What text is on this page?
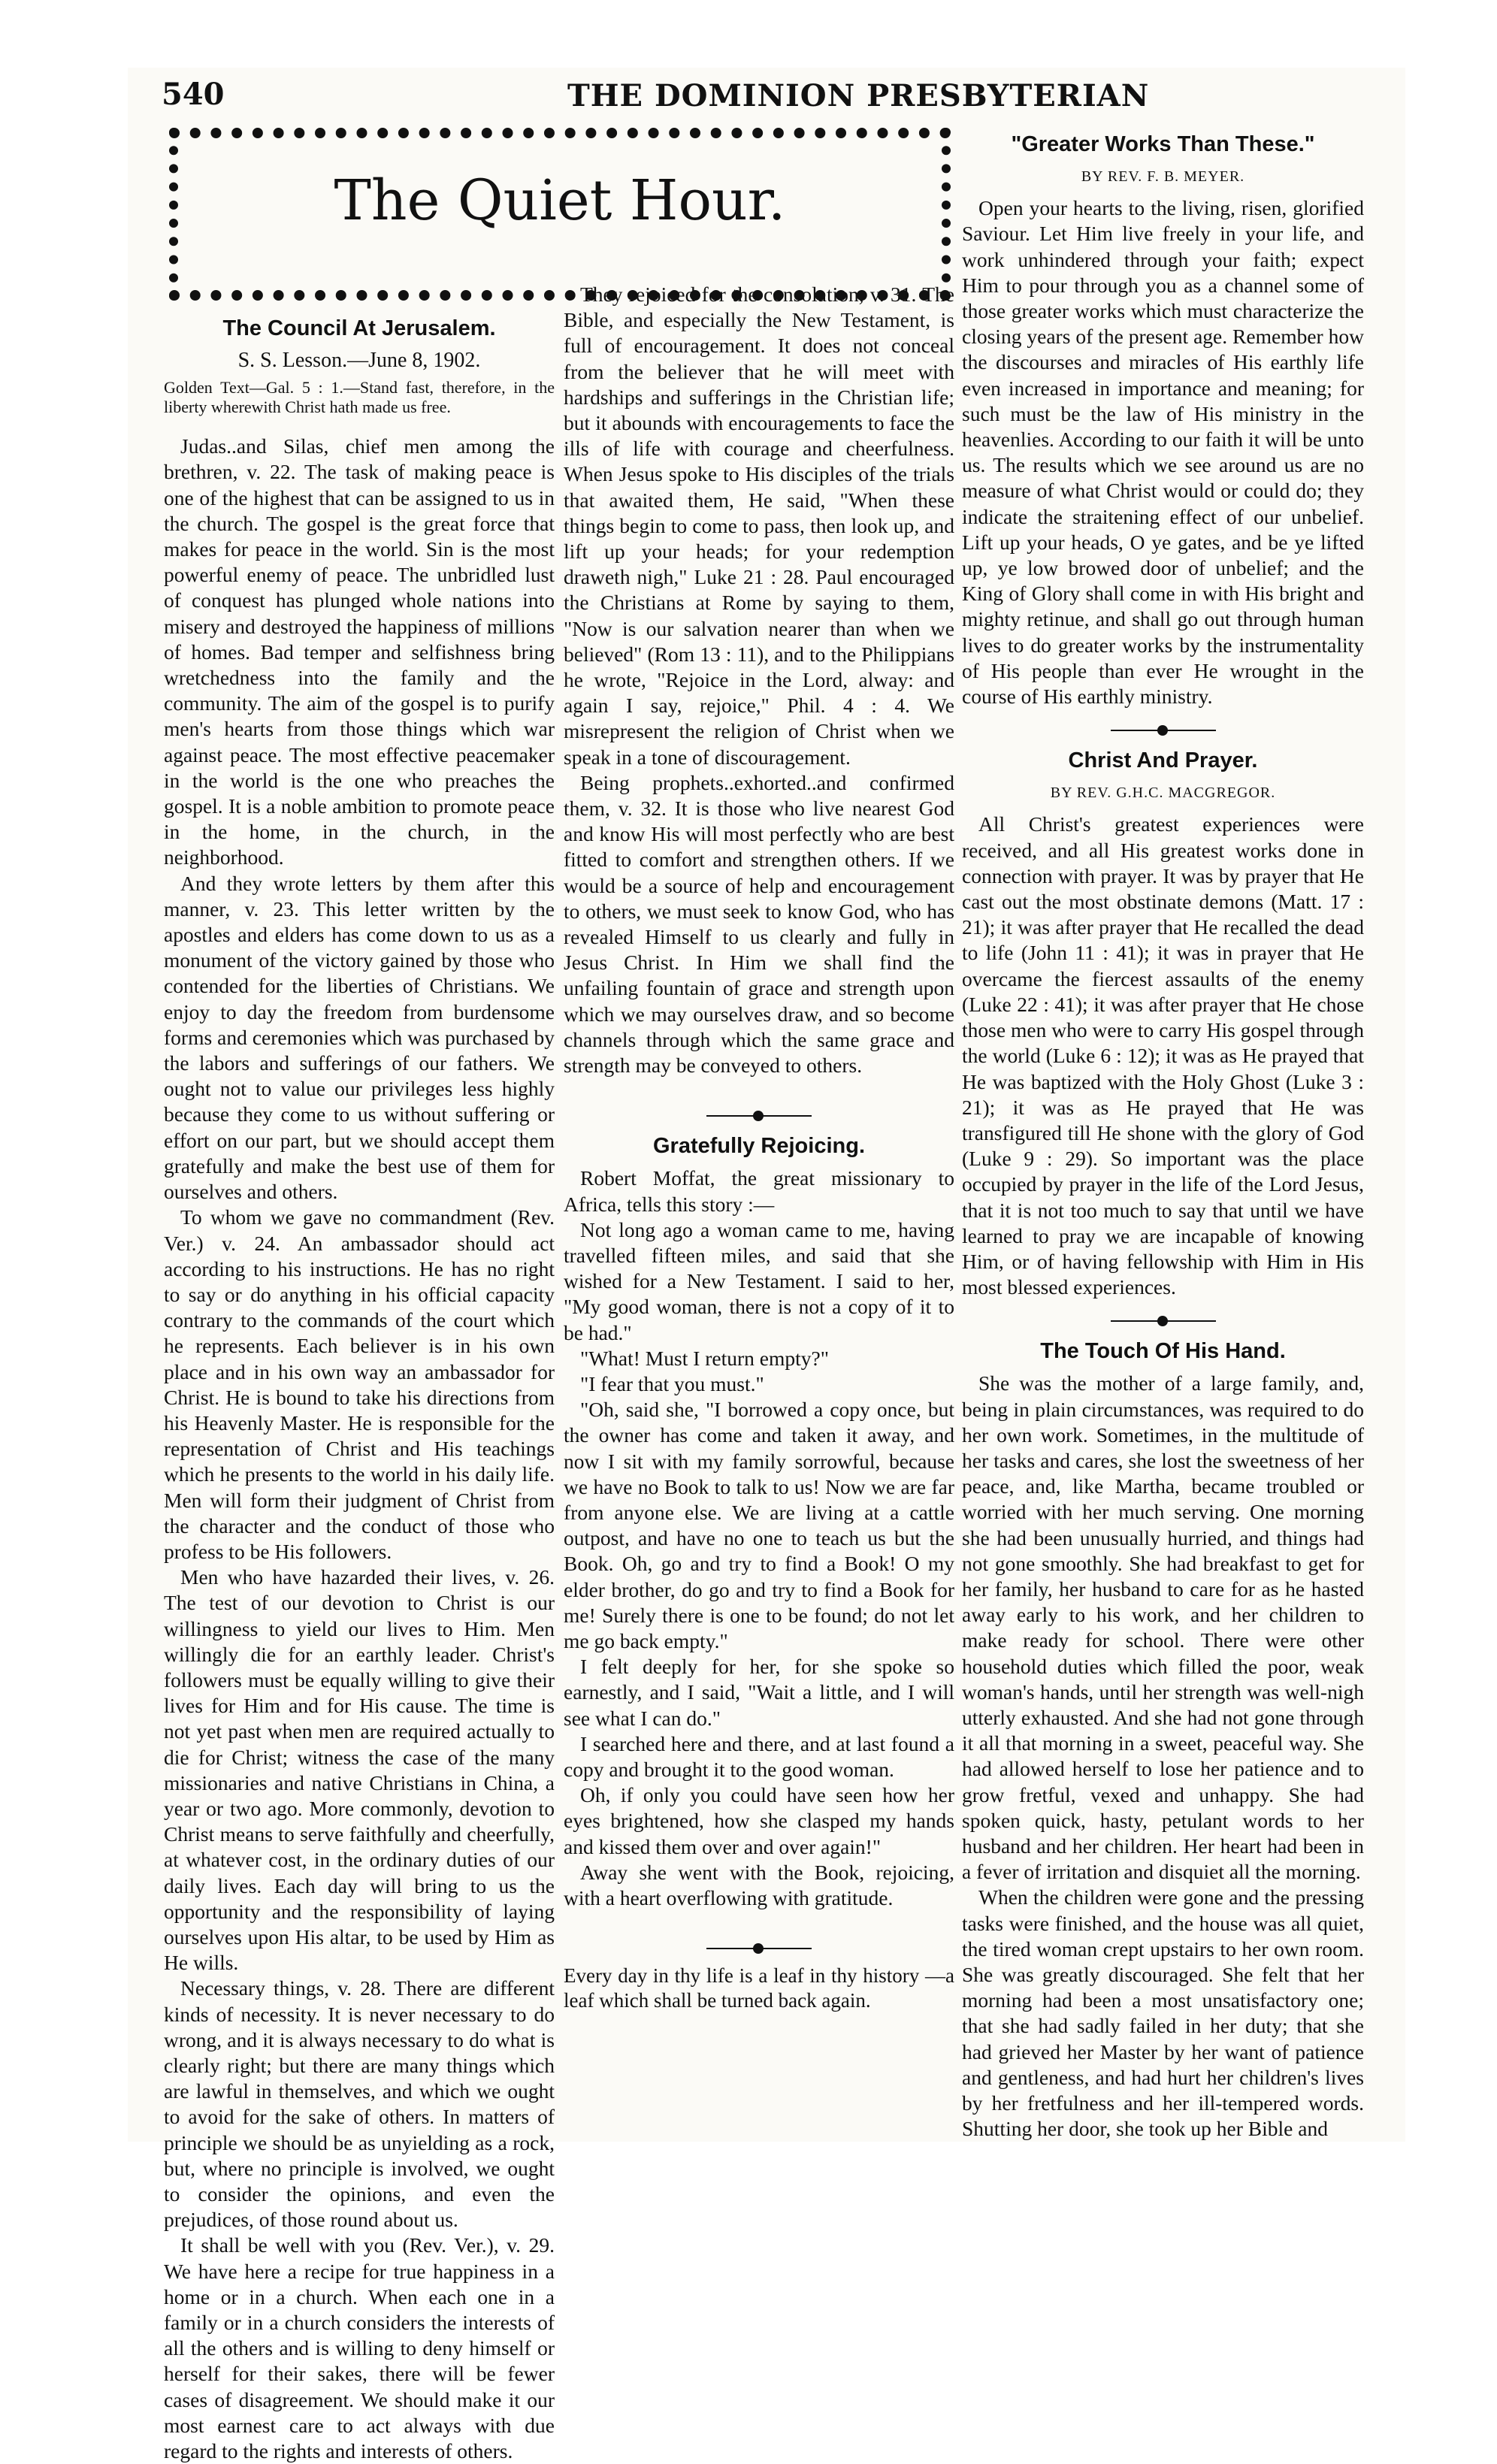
540	THE DOMINION PRESBYTERIAN
The Quiet Hour.
The Council At Jerusalem.
S. S. Lesson.—June 8, 1902.
Golden Text—Gal. 5 : 1.—Stand fast, therefore, in the liberty wherewith Christ hath made us free.

Judas..and Silas, chief men among the brethren, v. 22. The task of making peace is one of the highest that can be assigned to us in the church. The gospel is the great force that makes for peace in the world. Sin is the most powerful enemy of peace. The unbridled lust of conquest has plunged whole nations into misery and destroyed the happiness of millions of homes. Bad temper and selfishness bring wretchedness into the family and the community. The aim of the gospel is to purify men's hearts from those things which war against peace. The most effective peacemaker in the world is the one who preaches the gospel. It is a noble ambition to promote peace in the home, in the church, in the neighborhood.

And they wrote letters by them after this manner, v. 23. This letter written by the apostles and elders has come down to us as a monument of the victory gained by those who contended for the liberties of Christians. We enjoy to day the freedom from burdensome forms and ceremonies which was purchased by the labors and sufferings of our fathers. We ought not to value our privileges less highly because they come to us without suffering or effort on our part, but we should accept them gratefully and make the best use of them for ourselves and others.

To whom we gave no commandment (Rev. Ver.) v. 24. An ambassador should act according to his instructions. He has no right to say or do anything in his official capacity contrary to the commands of the court which he represents. Each believer is in his own place and in his own way an ambassador for Christ. He is bound to take his directions from his Heavenly Master. He is responsible for the representation of Christ and His teachings which he presents to the world in his daily life. Men will form their judgment of Christ from the character and the conduct of those who profess to be His followers.

Men who have hazarded their lives, v. 26. The test of our devotion to Christ is our willingness to yield our lives to Him. Men willingly die for an earthly leader. Christ's followers must be equally willing to give their lives for Him and for His cause. The time is not yet past when men are required actually to die for Christ; witness the case of the many missionaries and native Christians in China, a year or two ago. More commonly, devotion to Christ means to serve faithfully and cheerfully, at whatever cost, in the ordinary duties of our daily lives. Each day will bring to us the opportunity and the responsibility of laying ourselves upon His altar, to be used by Him as He wills.

Necessary things, v. 28. There are different kinds of necessity. It is never necessary to do wrong, and it is always necessary to do what is clearly right; but there are many things which are lawful in themselves, and which we ought to avoid for the sake of others. In matters of principle we should be as unyielding as a rock, but, where no principle is involved, we ought to consider the opinions, and even the prejudices, of those round about us.

It shall be well with you (Rev. Ver.), v. 29. We have here a recipe for true happiness in a home or in a church. When each one in a family or in a church considers the interests of all the others and is willing to deny himself or herself for their sakes, there will be fewer cases of disagreement. We should make it our most earnest care to act always with due regard to the rights and interests of others.

They rejoiced for the consolation, v. 31. The Bible, and especially the New Testament, is full of encouragement. It does not conceal from the believer that he will meet with hardships and sufferings in the Christian life; but it abounds with encouragements to face the ills of life with courage and cheerfulness. When Jesus spoke to His disciples of the trials that awaited them, He said, "When these things begin to come to pass, then look up, and lift up your heads; for your redemption draweth nigh," Luke 21 : 28. Paul encouraged the Christians at Rome by saying to them, "Now is our salvation nearer than when we believed" (Rom 13 : 11), and to the Philippians he wrote, "Rejoice in the Lord, alway: and again I say, rejoice," Phil. 4 : 4. We misrepresent the religion of Christ when we speak in a tone of discouragement.

Being prophets..exhorted..and confirmed them, v. 32. It is those who live nearest God and know His will most perfectly who are best fitted to comfort and strengthen others. If we would be a source of help and encouragement to others, we must seek to know God, who has revealed Himself to us clearly and fully in Jesus Christ. In Him we shall find the unfailing fountain of grace and strength upon which we may ourselves draw, and so become channels through which the same grace and strength may be conveyed to others.

Gratefully Rejoicing.

Robert Moffat, the great missionary to Africa, tells this story :—

Not long ago a woman came to me, having travelled fifteen miles, and said that she wished for a New Testament. I said to her, "My good woman, there is not a copy of it to be had."

"What! Must I return empty?"

"I fear that you must."

"Oh, said she, "I borrowed a copy once, but the owner has come and taken it away, and now I sit with my family sorrowful, because we have no Book to talk to us! Now we are far from anyone else. We are living at a cattle outpost, and have no one to teach us but the Book. Oh, go and try to find a Book! O my elder brother, do go and try to find a Book for me! Surely there is one to be found; do not let me go back empty."

I felt deeply for her, for she spoke so earnestly, and I said, "Wait a little, and I will see what I can do."

I searched here and there, and at last found a copy and brought it to the good woman.

Oh, if only you could have seen how her eyes brightened, how she clasped my hands and kissed them over and over again!"

Away she went with the Book, rejoicing, with a heart overflowing with gratitude.

Every day in thy life is a leaf in thy history —a leaf which shall be turned back again.

"Greater Works Than These."
BY REV. F. B. MEYER.

Open your hearts to the living, risen, glorified Saviour. Let Him live freely in your life, and work unhindered through your faith; expect Him to pour through you as a channel some of those greater works which must characterize the closing years of the present age. Remember how the discourses and miracles of His earthly life even increased in importance and meaning; for such must be the law of His ministry in the heavenlies. According to our faith it will be unto us. The results which we see around us are no measure of what Christ would or could do; they indicate the straitening effect of our unbelief. Lift up your heads, O ye gates, and be ye lifted up, ye low browed door of unbelief; and the King of Glory shall come in with His bright and mighty retinue, and shall go out through human lives to do greater works by the instrumentality of His people than ever He wrought in the course of His earthly ministry.

Christ And Prayer.
BY REV. G.H.C. MACGREGOR.

All Christ's greatest experiences were received, and all His greatest works done in connection with prayer. It was by prayer that He cast out the most obstinate demons (Matt. 17 : 21); it was after prayer that He recalled the dead to life (John 11 : 41); it was in prayer that He overcame the fiercest assaults of the enemy (Luke 22 : 41); it was after prayer that He chose those men who were to carry His gospel through the world (Luke 6 : 12); it was as He prayed that He was baptized with the Holy Ghost (Luke 3 : 21); it was as He prayed that He was transfigured till He shone with the glory of God (Luke 9 : 29). So important was the place occupied by prayer in the life of the Lord Jesus, that it is not too much to say that until we have learned to pray we are incapable of knowing Him, or of having fellowship with Him in His most blessed experiences.

The Touch Of His Hand.

She was the mother of a large family, and, being in plain circumstances, was required to do her own work. Sometimes, in the multitude of her tasks and cares, she lost the sweetness of her peace, and, like Martha, became troubled or worried with her much serving. One morning she had been unusually hurried, and things had not gone smoothly. She had breakfast to get for her family, her husband to care for as he hasted away early to his work, and her children to make ready for school. There were other household duties which filled the poor, weak woman's hands, until her strength was well-nigh utterly exhausted. And she had not gone through it all that morning in a sweet, peaceful way. She had allowed herself to lose her patience and to grow fretful, vexed and unhappy. She had spoken quick, hasty, petulant words to her husband and her children. Her heart had been in a fever of irritation and disquiet all the morning.

When the children were gone and the pressing tasks were finished, and the house was all quiet, the tired woman crept upstairs to her own room. She was greatly discouraged. She felt that her morning had been a most unsatisfactory one; that she had sadly failed in her duty; that she had grieved her Master by her want of patience and gentleness, and had hurt her children's lives by her fretfulness and her ill-tempered words. Shutting her door, she took up her Bible and
